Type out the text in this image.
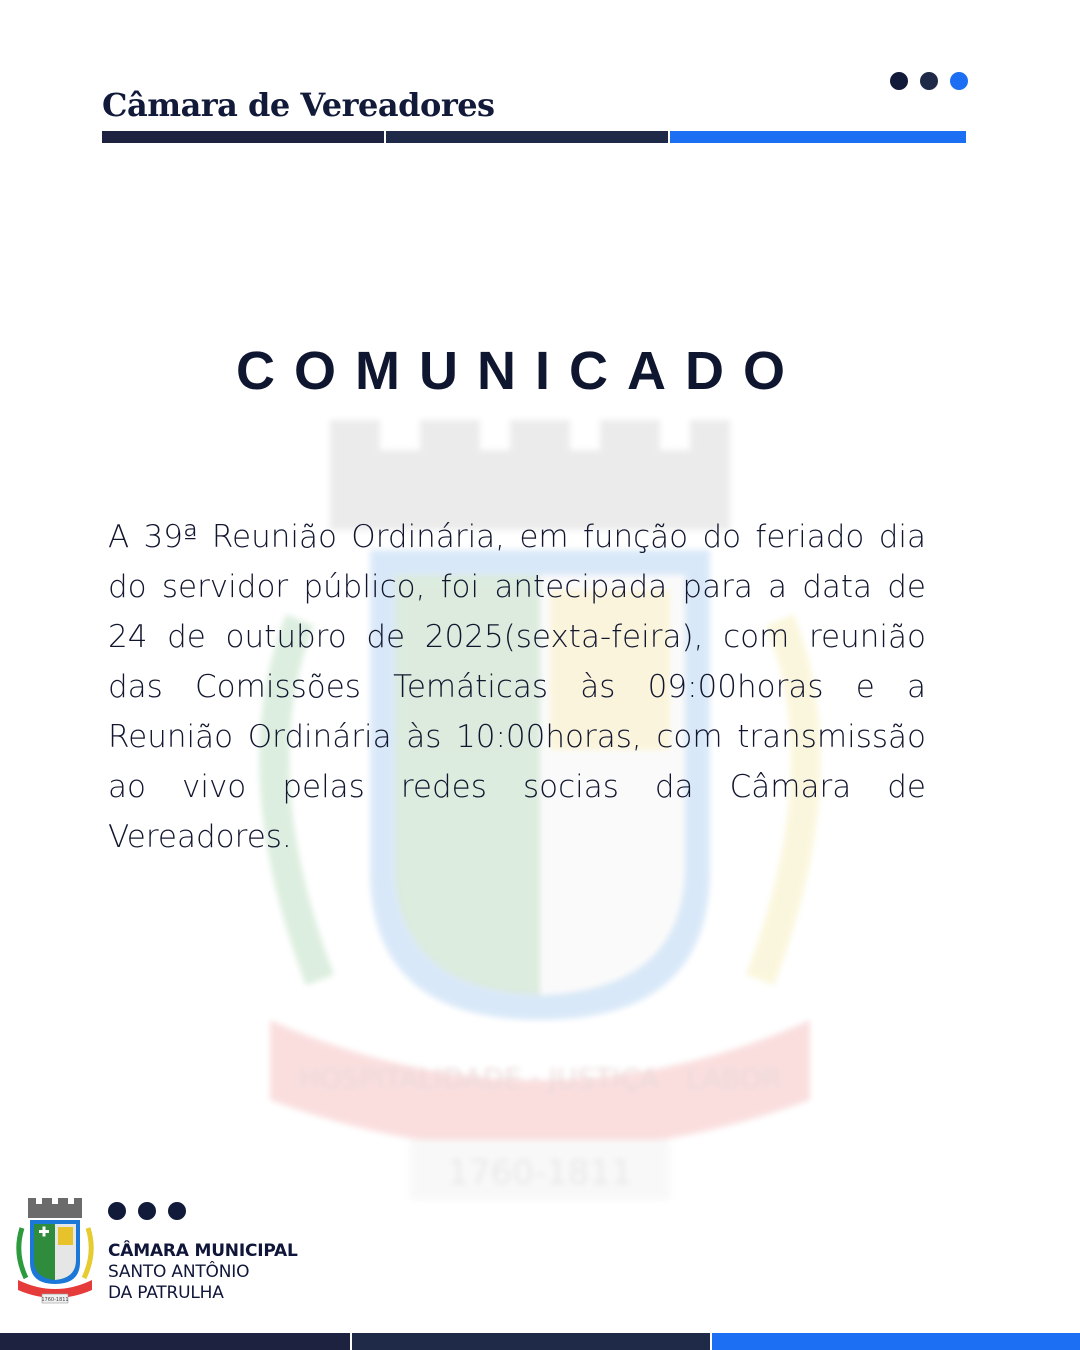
Câmara de Vereadores
HOSPITALIDADE · JUSTIÇA · LABOR
1760-1811
COMUNICADO
A 39ª Reunião Ordinária, em função do feriado dia do servidor público, foi antecipada para a data de 24 de outubro de 2025(sexta-feira), com reunião das Comissões Temáticas às 09:00horas e a Reunião Ordinária às 10:00horas, com transmissão ao vivo pelas redes socias da Câmara de Vereadores.
1760-1811
CÂMARA MUNICIPAL
SANTO ANTÔNIO
DA PATRULHA
